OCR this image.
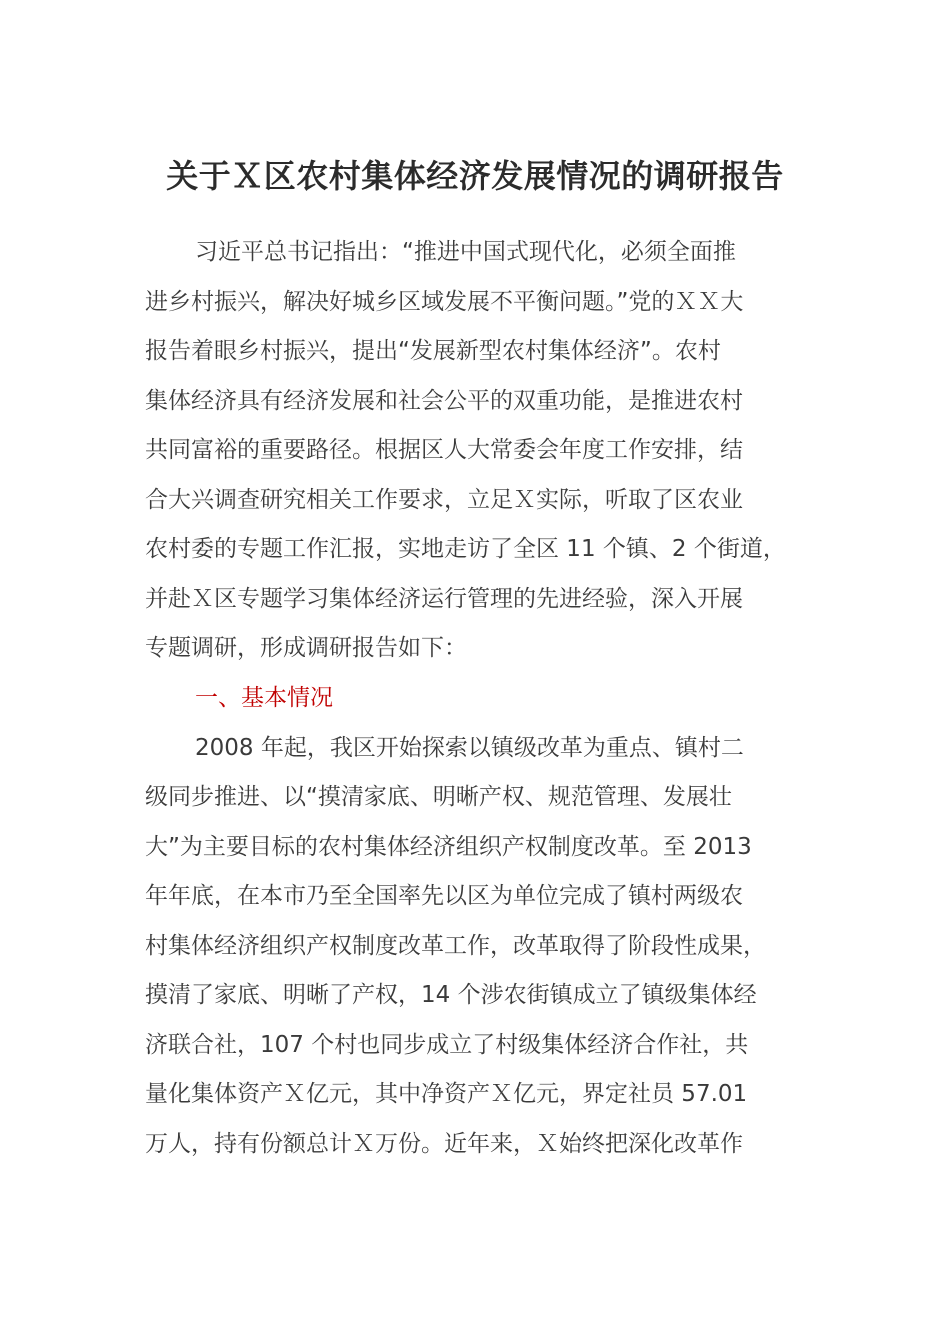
关于Ｘ区农村集体经济发展情况的调研报告

习近平总书记指出：“推进中国式现代化，必须全面推

进乡村振兴，解决好城乡区域发展不平衡问题。”党的ＸＸ大

报告着眼乡村振兴，提出“发展新型农村集体经济”。农村

集体经济具有经济发展和社会公平的双重功能，是推进农村

共同富裕的重要路径。根据区人大常委会年度工作安排，结

合大兴调查研究相关工作要求，立足Ｘ实际，听取了区农业

农村委的专题工作汇报，实地走访了全区 11 个镇、2 个街道，

并赴Ｘ区专题学习集体经济运行管理的先进经验，深入开展

专题调研，形成调研报告如下：

一、基本情况

2008 年起，我区开始探索以镇级改革为重点、镇村二

级同步推进、以“摸清家底、明晰产权、规范管理、发展壮

大”为主要目标的农村集体经济组织产权制度改革。至 2013

年年底，在本市乃至全国率先以区为单位完成了镇村两级农

村集体经济组织产权制度改革工作，改革取得了阶段性成果，

摸清了家底、明晰了产权，14 个涉农街镇成立了镇级集体经

济联合社，107 个村也同步成立了村级集体经济合作社，共

量化集体资产Ｘ亿元，其中净资产Ｘ亿元，界定社员 57.01

万人，持有份额总计Ｘ万份。近年来，Ｘ始终把深化改革作
